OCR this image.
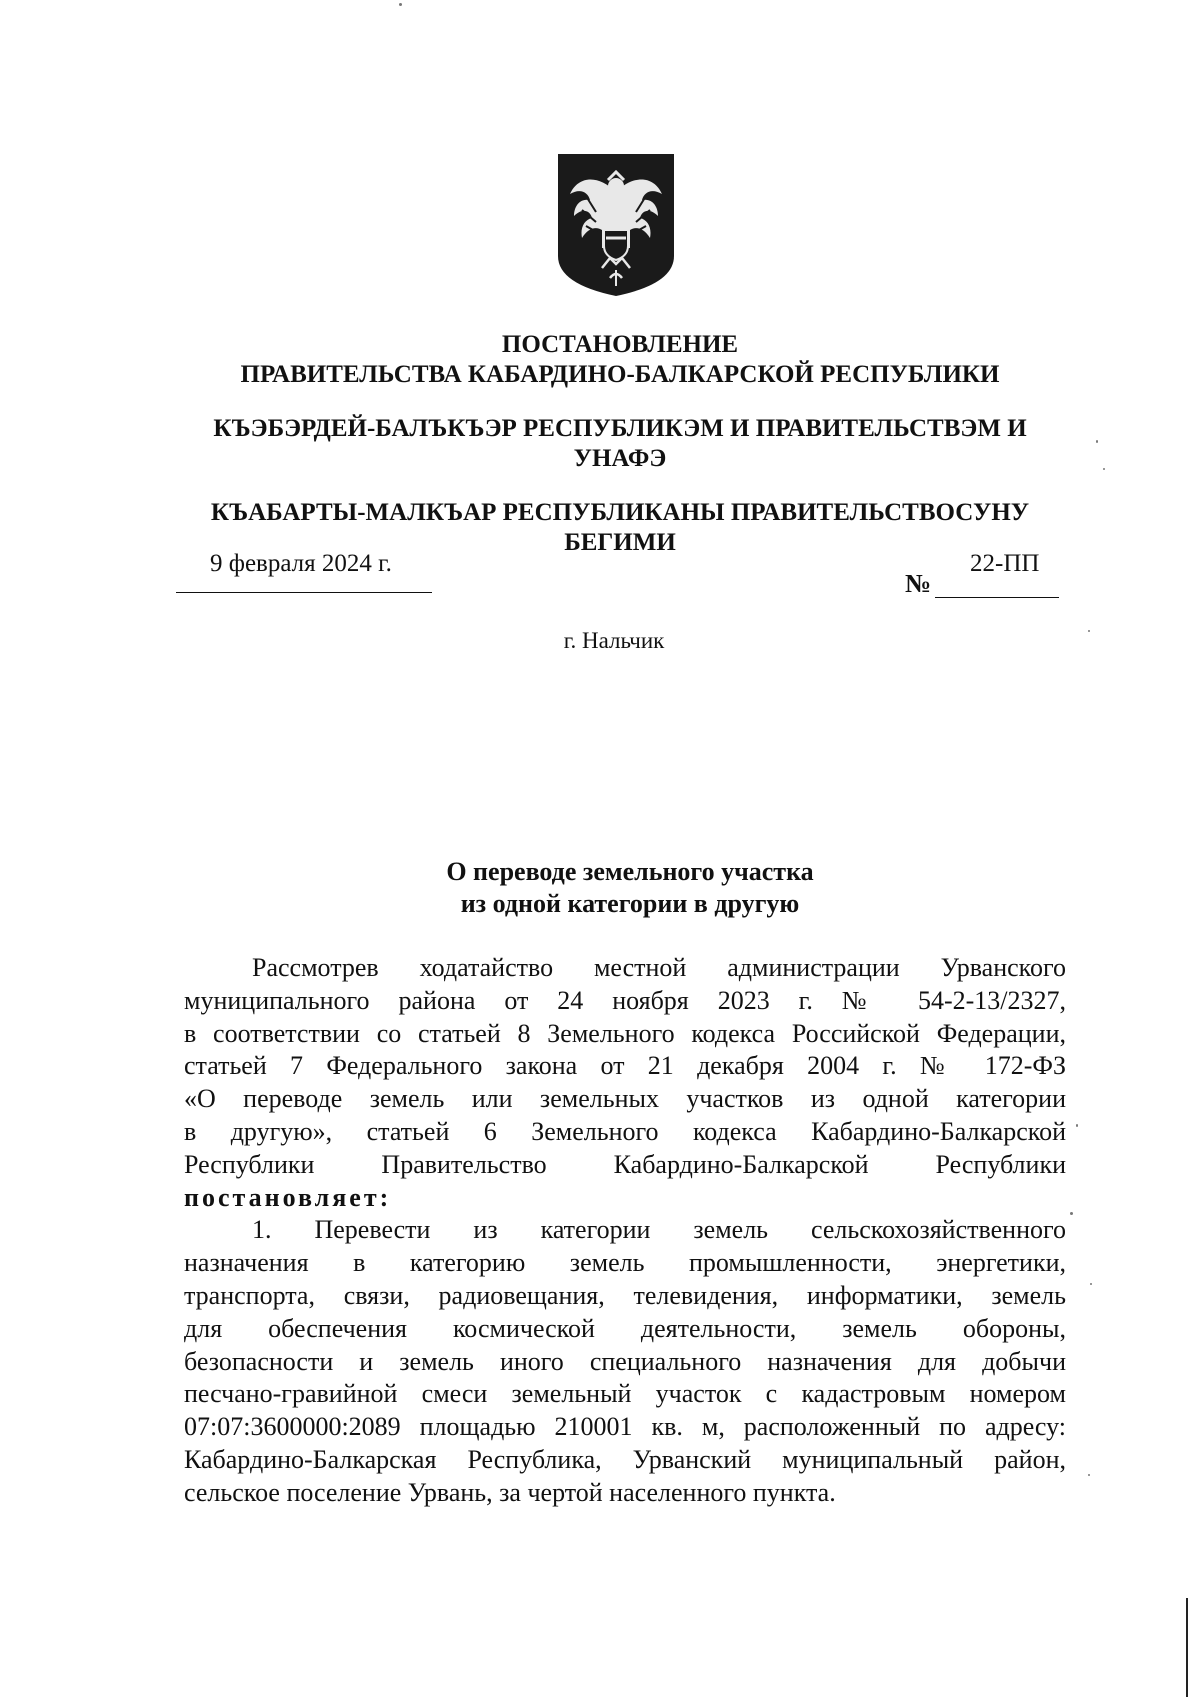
ПОСТАНОВЛЕНИЕ
ПРАВИТЕЛЬСТВА КАБАРДИНО-БАЛКАРСКОЙ РЕСПУБЛИКИ
КЪЭБЭРДЕЙ-БАЛЪКЪЭР РЕСПУБЛИКЭМ И ПРАВИТЕЛЬСТВЭМ И
УНАФЭ
КЪАБАРТЫ-МАЛКЪАР РЕСПУБЛИКАНЫ ПРАВИТЕЛЬСТВОСУНУ
БЕГИМИ
9 февраля 2024 г.
№
22-ПП
г. Нальчик
О переводе земельного участка
из одной категории в другую
Рассмотрев ходатайство местной администрации Урванского
муниципального района от 24 ноября 2023 г. № 54-2-13/2327,
в соответствии со статьей 8 Земельного кодекса Российской Федерации,
статьей 7 Федерального закона от 21 декабря 2004 г. № 172-ФЗ
«О переводе земель или земельных участков из одной категории
в другую», статьей 6 Земельного кодекса Кабардино-Балкарской
Республики Правительство Кабардино-Балкарской Республики
постановляет:
1. Перевести из категории земель сельскохозяйственного
назначения в категорию земель промышленности, энергетики,
транспорта, связи, радиовещания, телевидения, информатики, земель
для обеспечения космической деятельности, земель обороны,
безопасности и земель иного специального назначения для добычи
песчано-гравийной смеси земельный участок с кадастровым номером
07:07:3600000:2089 площадью 210001 кв. м, расположенный по адресу:
Кабардино-Балкарская Республика, Урванский муниципальный район,
сельское поселение Урвань, за чертой населенного пункта.
